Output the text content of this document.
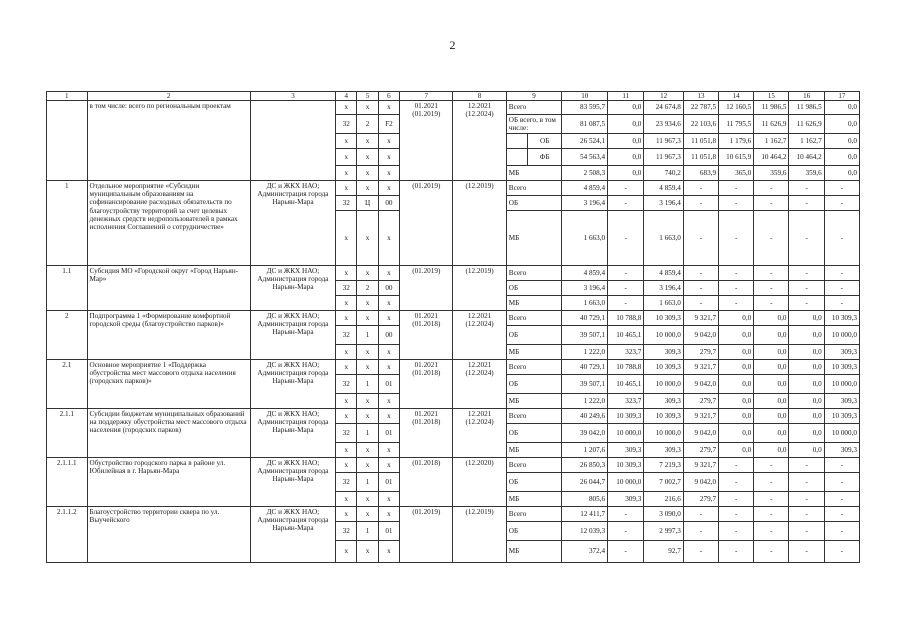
2
1	2	3	4	5	6	7	8	9		10	11	12	13	14	15	16	17
	в том числе: всего по региональным проектам		x	x	x	01.2021
(01.2019)	12.2021
(12.2024)	Всего		83 595,7	0,0	24 674,8	22 787,5	12 160,5	11 986,5	11 986,5	0,0
			32	2	F2			ОБ всего, в том числе:		81 087,5	0,0	23 934,6	22 103,6	11 795,5	11 626,9	11 626,9	0,0
			x	x	x				ОБ	26 524,1	0,0	11 967,3	11 051,8	1 179,6	1 162,7	1 162,7	0,0
			x	x	x				ФБ	54 563,4	0,0	11 967,3	11 051,8	10 615,9	10 464,2	10 464,2	0,0
			x	x	x			МБ		2 508,3	0,0	740,2	683,9	365,0	359,6	359,6	0,0
1	Отдельное мероприятие «Субсидии муниципальным образованиям на софинансирование расходных обязательств по благоустройству территорий за счет целевых денежных средств недропользователей в рамках исполнения Соглашений о сотрудничестве»	ДС и ЖКХ НАО; Администрация города Нарьян-Мара	x	x	x	(01.2019)	(12.2019)	Всего		4 859,4	-	4 859,4	-	-	-	-	-
			32	Ц	00			ОБ		3 196,4	-	3 196,4	-	-	-	-	-
			x	x	x			МБ		1 663,0	-	1 663,0	-	-	-	-	-
1.1	Субсидия МО «Городской округ «Город Нарьян-Мар»	ДС и ЖКХ НАО; Администрация города Нарьян-Мара	x	x	x	(01.2019)	(12.2019)	Всего		4 859,4	-	4 859,4	-	-	-	-	-
			32	2	00			ОБ		3 196,4	-	3 196,4	-	-	-	-	-
			x	x	x			МБ		1 663,0	-	1 663,0	-	-	-	-	-
2	Подпрограмма 1 «Формирование комфортной городской среды (благоустройство парков)»	ДС и ЖКХ НАО; Администрация города Нарьян-Мара	x	x	x	01.2021
(01.2018)	12.2021
(12.2024)	Всего		40 729,1	10 788,8	10 309,3	9 321,7	0,0	0,0	0,0	10 309,3
			32	1	00			ОБ		39 507,1	10 465,1	10 000,0	9 042,0	0,0	0,0	0,0	10 000,0
			x	x	x			МБ		1 222,0	323,7	309,3	279,7	0,0	0,0	0,0	309,3
2.1	Основное мероприятие 1 «Поддержка обустройства мест массового отдыха населения (городских парков)»	ДС и ЖКХ НАО; Администрация города Нарьян-Мара	x	x	x	01.2021
(01.2018)	12.2021
(12.2024)	Всего		40 729,1	10 788,8	10 309,3	9 321,7	0,0	0,0	0,0	10 309,3
			32	1	01			ОБ		39 507,1	10 465,1	10 000,0	9 042,0	0,0	0,0	0,0	10 000,0
			x	x	x			МБ		1 222,0	323,7	309,3	279,7	0,0	0,0	0,0	309,3
2.1.1	Субсидии бюджетам муниципальных образований на поддержку обустройства мест массового отдыха населения (городских парков)	ДС и ЖКХ НАО; Администрация города Нарьян-Мара	x	x	x	01.2021
(01.2018)	12.2021
(12.2024)	Всего		40 249,6	10 309,3	10 309,3	9 321,7	0,0	0,0	0,0	10 309,3
			32	1	01			ОБ		39 042,0	10 000,0	10 000,0	9 042,0	0,0	0,0	0,0	10 000,0
			x	x	x			МБ		1 207,6	309,3	309,3	279,7	0,0	0,0	0,0	309,3
2.1.1.1	Обустройство городского парка в районе ул. Юбилейная в г. Нарьян-Мара	ДС и ЖКХ НАО; Администрация города Нарьян-Мара	x	x	x	(01.2018)	(12.2020)	Всего		26 850,3	10 309,3	7 219,3	9 321,7	-	-	-	-
			32	1	01			ОБ		26 044,7	10 000,0	7 002,7	9 042,0	-	-	-	-
			x	x	x			МБ		805,6	309,3	216,6	279,7	-	-	-	-
2.1.1.2	Благоустройство территории сквера по ул. Выучейского	ДС и ЖКХ НАО; Администрация города Нарьян-Мара	x	x	x	(01.2019)	(12.2019)	Всего		12 411,7	-	3 090,0	-	-	-	-	-
			32	1	01			ОБ		12 039,3	-	2 997,3	-	-	-	-	-
			x	x	x			МБ		372,4	-	92,7	-	-	-	-	-
